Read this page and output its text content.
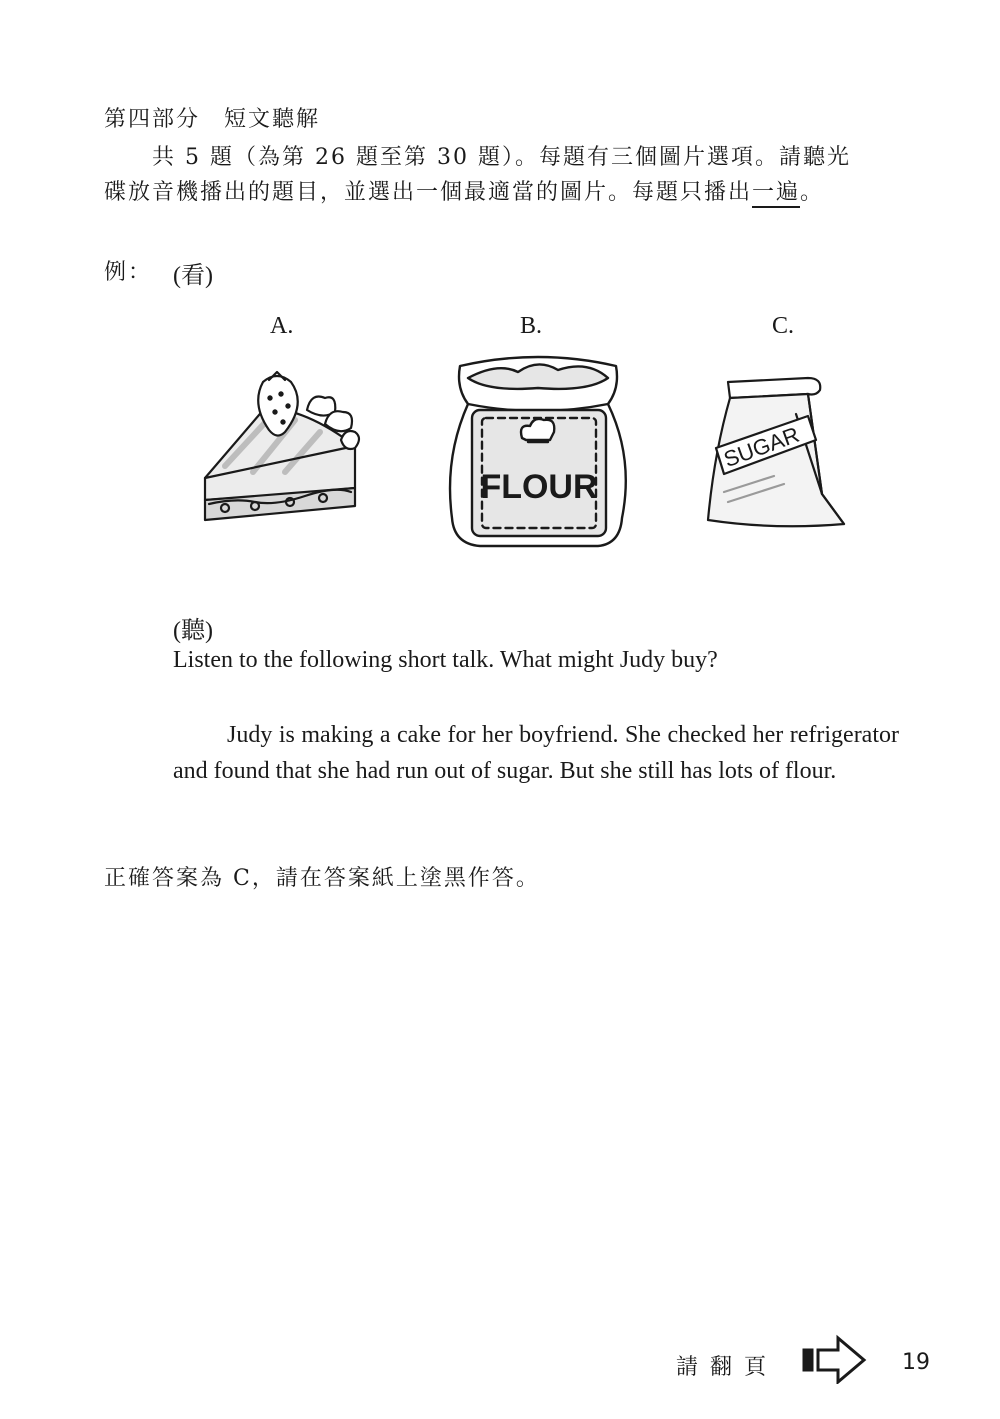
第四部分　短文聽解
共 5 題（為第 26 題至第 30 題）。每題有三個圖片選項。請聽光
碟放音機播出的題目，並選出一個最適當的圖片。每題只播出一遍。
例： (看)
A.	B.	C.
FLOUR
SUGAR
(聽)
Listen to the following short talk. What might Judy buy?
Judy is making a cake for her boyfriend. She checked her refrigerator and found that she had run out of sugar. But she still has lots of flour.
正確答案為 C，請在答案紙上塗黑作答。
請翻頁	19
